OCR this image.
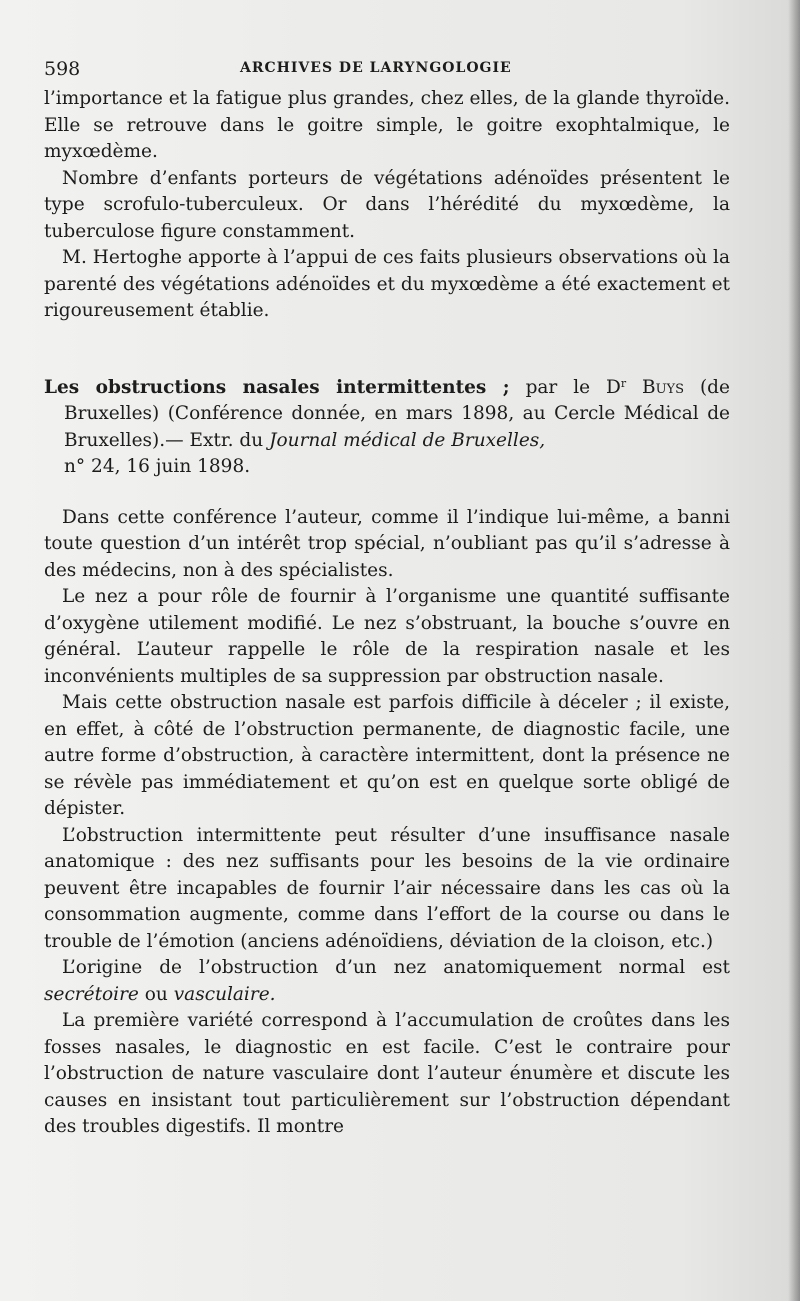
598	ARCHIVES DE LARYNGOLOGIE

l’importance et la fatigue plus grandes, chez elles, de la glande thyroïde. Elle se retrouve dans le goitre simple, le goitre exophtalmique, le myxœdème.

Nombre d’enfants porteurs de végétations adénoïdes présentent le type scrofulo-tuberculeux. Or dans l’hérédité du myxœdème, la tuberculose figure constamment.

M. Hertoghe apporte à l’appui de ces faits plusieurs observations où la parenté des végétations adénoïdes et du myxœdème a été exactement et rigoureusement établie.

Les obstructions nasales intermittentes ; par le $D^r$ Buys (de Bruxelles) (Conférence donnée, en mars 1898, au Cercle Médical de Bruxelles).— Extr. du Journal médical de Bruxelles,
n° 24, 16 juin 1898.

Dans cette conférence l’auteur, comme il l’indique lui-même, a banni toute question d’un intérêt trop spécial, n’oubliant pas qu’il s’adresse à des médecins, non à des spécialistes.

Le nez a pour rôle de fournir à l’organisme une quantité suffisante d’oxygène utilement modifié. Le nez s’obstruant, la bouche s’ouvre en général. L’auteur rappelle le rôle de la respiration nasale et les inconvénients multiples de sa suppression par obstruction nasale.

Mais cette obstruction nasale est parfois difficile à déceler ; il existe, en effet, à côté de l’obstruction permanente, de diagnostic facile, une autre forme d’obstruction, à caractère intermittent, dont la présence ne se révèle pas immédiatement et qu’on est en quelque sorte obligé de dépister.

L’obstruction intermittente peut résulter d’une insuffisance nasale anatomique : des nez suffisants pour les besoins de la vie ordinaire peuvent être incapables de fournir l’air nécessaire dans les cas où la consommation augmente, comme dans l’effort de la course ou dans le trouble de l’émotion (anciens adénoïdiens, déviation de la cloison, etc.)

L’origine de l’obstruction d’un nez anatomiquement normal est secrétoire ou vasculaire.

La première variété correspond à l’accumulation de croûtes dans les fosses nasales, le diagnostic en est facile. C’est le contraire pour l’obstruction de nature vasculaire dont l’auteur énumère et discute les causes en insistant tout particulièrement sur l’obstruction dépendant des troubles digestifs. Il montre
